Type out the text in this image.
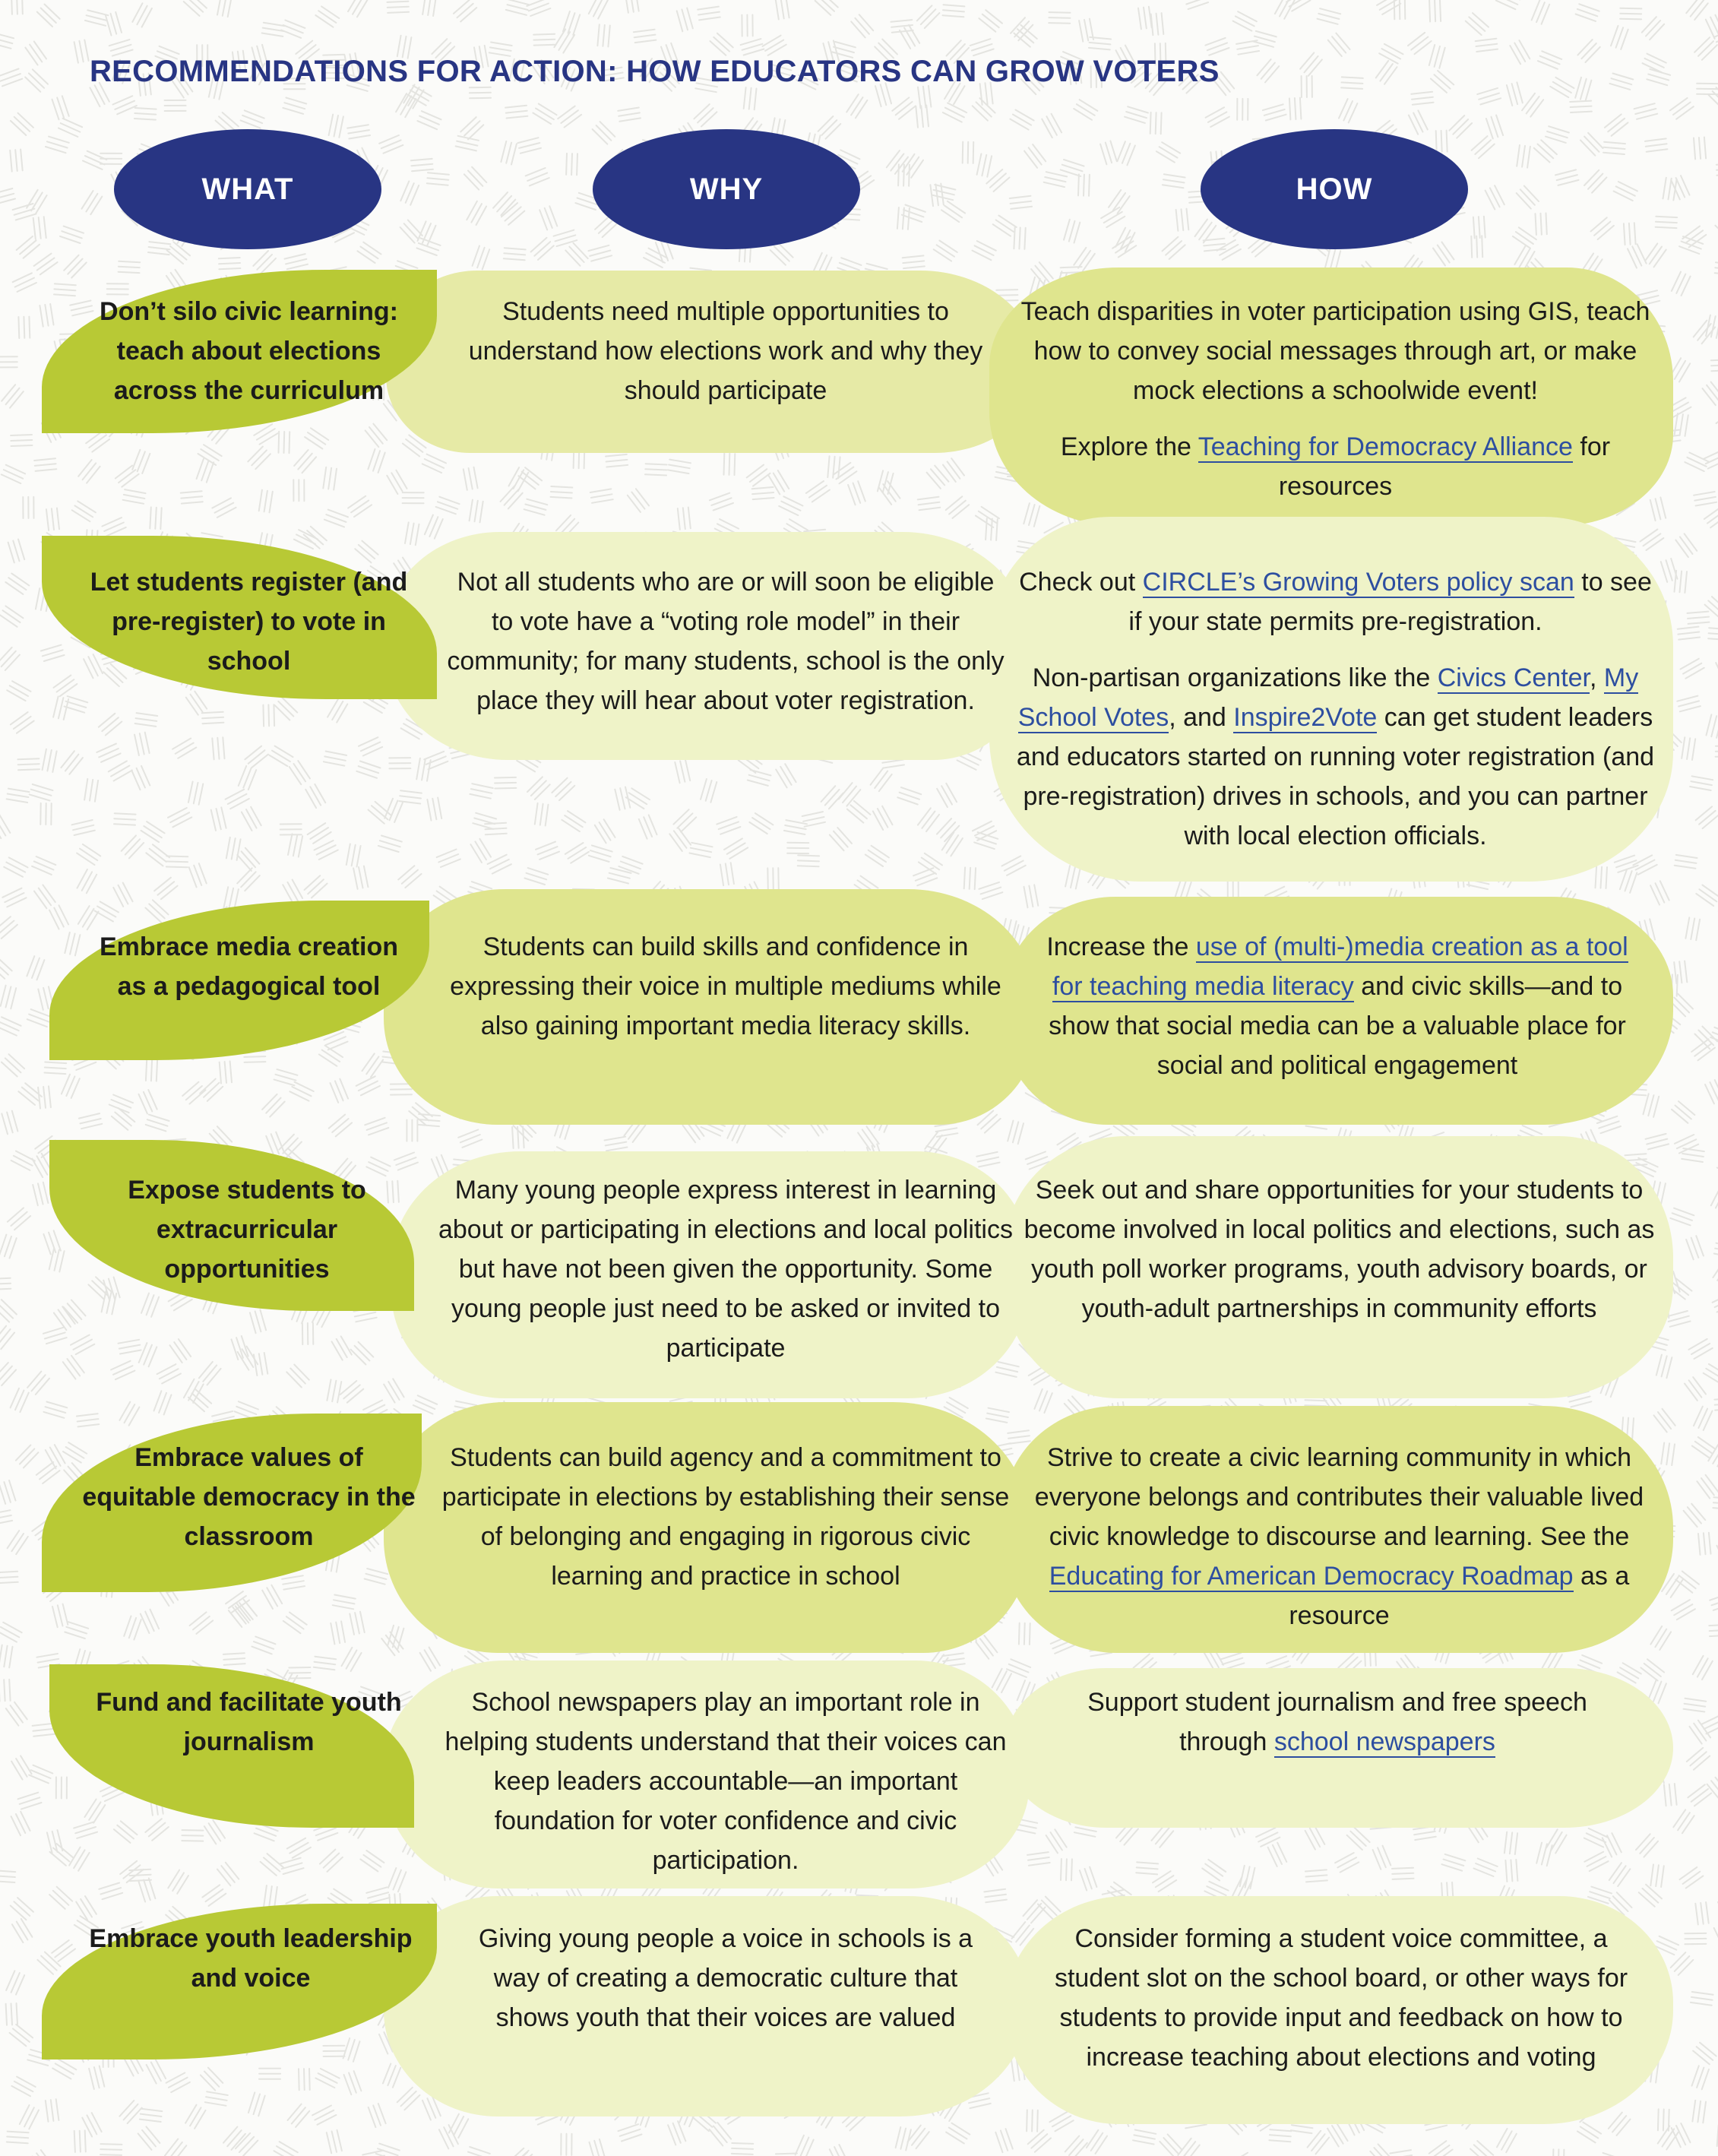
RECOMMENDATIONS FOR ACTION: HOW EDUCATORS CAN GROW VOTERS
WHAT	WHY	HOW
Don’t silo civic learning: teach about elections across the curriculum
Students need multiple opportunities to understand how elections work and why they should participate

Teach disparities in voter participation using GIS, teach how to convey social messages through art, or make mock elections a schoolwide event!

Explore the Teaching for Democracy Alliance for resources

Let students register (and pre-register) to vote in school
Not all students who are or will soon be eligible to vote have a “voting role model” in their community; for many students, school is the only place they will hear about voter registration.

Check out CIRCLE’s Growing Voters policy scan to see if your state permits pre-registration.

Non-partisan organizations like the Civics Center, My School Votes, and Inspire2Vote can get student leaders and educators started on running voter registration (and pre-registration) drives in schools, and you can partner with local election officials.

Embrace media creation as a pedagogical tool
Students can build skills and confidence in expressing their voice in multiple mediums while also gaining important media literacy skills.

Increase the use of (multi-)media creation as a tool for teaching media literacy and civic skills—and to show that social media can be a valuable place for social and political engagement

Expose students to extracurricular opportunities
Many young people express interest in learning about or participating in elections and local politics but have not been given the opportunity. Some young people just need to be asked or invited to participate
Seek out and share opportunities for your students to become involved in local politics and elections, such as youth poll worker programs, youth advisory boards, or youth-adult partnerships in community efforts
Embrace values of equitable democracy in the classroom
Students can build agency and a commitment to participate in elections by establishing their sense of belonging and engaging in rigorous civic learning and practice in school

Strive to create a civic learning community in which everyone belongs and contributes their valuable lived civic knowledge to discourse and learning. See the Educating for American Democracy Roadmap as a resource

Fund and facilitate youth journalism
School newspapers play an important role in helping students understand that their voices can keep leaders accountable—an important foundation for voter confidence and civic participation.

Support student journalism and free speech through school newspapers

Embrace youth leadership and voice
Giving young people a voice in schools is a way of creating a democratic culture that shows youth that their voices are valued
Consider forming a student voice committee, a student slot on the school board, or other ways for students to provide input and feedback on how to increase teaching about elections and voting
